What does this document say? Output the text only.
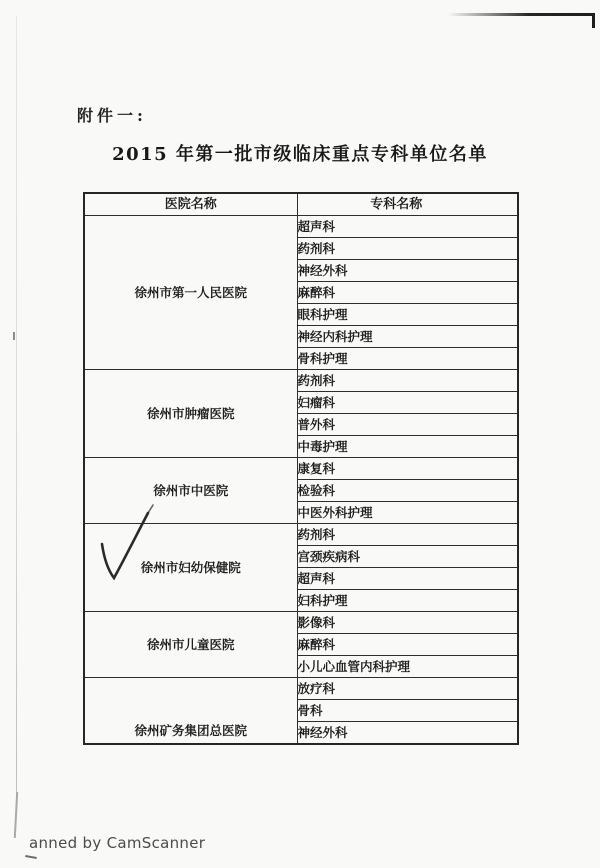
附件一:
2015 年第一批市级临床重点专科单位名单
医院名称	专科名称
徐州市第一人民医院	超声科
	药剂科
	神经外科
	麻醉科
	眼科护理
	神经内科护理
	骨科护理
徐州市肿瘤医院	药剂科
	妇瘤科
	普外科
	中毒护理
徐州市中医院	康复科
	检验科
	中医外科护理
徐州市妇幼保健院	药剂科
	宫颈疾病科
	超声科
	妇科护理
徐州市儿童医院	影像科
	麻醉科
	小儿心血管内科护理
徐州矿务集团总医院	放疗科
	骨科
	神经外科
anned by CamScanner
